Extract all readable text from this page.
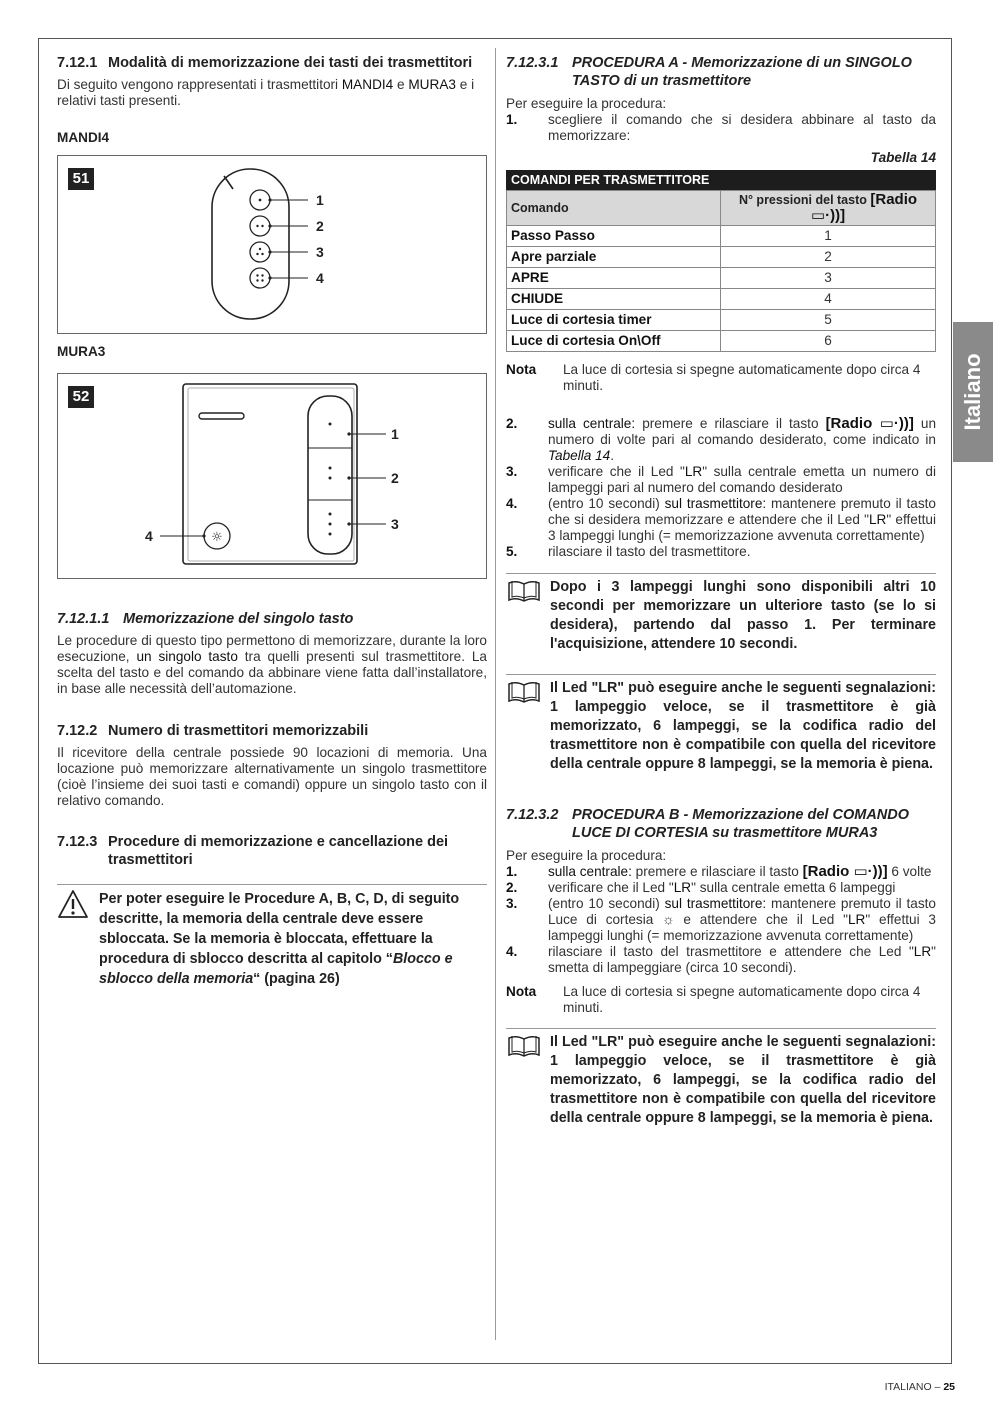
Italiano
7.12.1 Modalità di memorizzazione dei tasti dei trasmettitori

Di seguito vengono rappresentati i trasmettitori MANDI4 e MURA3 e i relativi tasti presenti.

MANDI4

51
1
2
3
4

MURA3

52
☼
1
2
3
4
7.12.1.1 Memorizzazione del singolo tasto

Le procedure di questo tipo permettono di memorizzare, durante la loro esecuzione, un singolo tasto tra quelli presenti sul trasmettitore. La scelta del tasto e del comando da abbinare viene fatta dall’installatore, in base alle necessità dell’automazione.

7.12.2 Numero di trasmettitori memorizzabili

Il ricevitore della centrale possiede 90 locazioni di memoria. Una locazione può memorizzare alternativamente un singolo trasmettitore (cioè l’insieme dei suoi tasti e comandi) oppure un singolo tasto con il relativo comando.

7.12.3 Procedure di memorizzazione e cancellazione dei trasmettitori
Per poter eseguire le Procedure A, B, C, D, di seguito descritte, la memoria della centrale deve essere sbloccata. Se la memoria è bloccata, effettuare la procedura di sblocco descritta al capitolo “Blocco e sblocco della memoria“ (pagina 26)
7.12.3.1 PROCEDURA A - Memorizzazione di un SINGOLO TASTO di un trasmettitore

Per eseguire la procedura:

1.	scegliere il comando che si desidera abbinare al tasto da memorizzare:

Tabella 14

COMANDI PER TRASMETTITORE
Comando	N° pressioni del tasto [Radio ▭·))]
Passo Passo	1
Apre parziale	2
APRE	3
CHIUDE	4
Luce di cortesia timer	5
Luce di cortesia On\Off	6
Nota	La luce di cortesia si spegne automaticamente dopo circa 4 minuti.
2.	sulla centrale: premere e rilasciare il tasto [Radio ▭·))] un numero di volte pari al comando desiderato, come indicato in Tabella 14.
3.	verificare che il Led "LR" sulla centrale emetta un numero di lampeggi pari al numero del comando desiderato
4.	(entro 10 secondi) sul trasmettitore: mantenere premuto il tasto che si desidera memorizzare e attendere che il Led "LR" effettui 3 lampeggi lunghi (= memorizzazione avvenuta correttamente)
5.	rilasciare il tasto del trasmettitore.
Dopo i 3 lampeggi lunghi sono disponibili altri 10 secondi per memorizzare un ulteriore tasto (se lo si desidera), partendo dal passo 1. Per terminare l'acquisizione, attendere 10 secondi.
Il Led "LR" può eseguire anche le seguenti segnalazioni: 1 lampeggio veloce, se il trasmettitore è già memorizzato, 6 lampeggi, se la codifica radio del trasmettitore non è compatibile con quella del ricevitore della centrale oppure 8 lampeggi, se la memoria è piena.
7.12.3.2 PROCEDURA B - Memorizzazione del COMANDO LUCE DI CORTESIA su trasmettitore MURA3

Per eseguire la procedura:

1.	sulla centrale: premere e rilasciare il tasto [Radio ▭·))] 6 volte
2.	verificare che il Led "LR" sulla centrale emetta 6 lampeggi
3.	(entro 10 secondi) sul trasmettitore: mantenere premuto il tasto Luce di cortesia ☼ e attendere che il Led "LR" effettui 3 lampeggi lunghi (= memorizzazione avvenuta correttamente)
4.	rilasciare il tasto del trasmettitore e attendere che Led "LR" smetta di lampeggiare (circa 10 secondi).
Nota	La luce di cortesia si spegne automaticamente dopo circa 4 minuti.
Il Led "LR" può eseguire anche le seguenti segnalazioni: 1 lampeggio veloce, se il trasmettitore è già memorizzato, 6 lampeggi, se la codifica radio del trasmettitore non è compatibile con quella del ricevitore della centrale oppure 8 lampeggi, se la memoria è piena.
ITALIANO – 25
